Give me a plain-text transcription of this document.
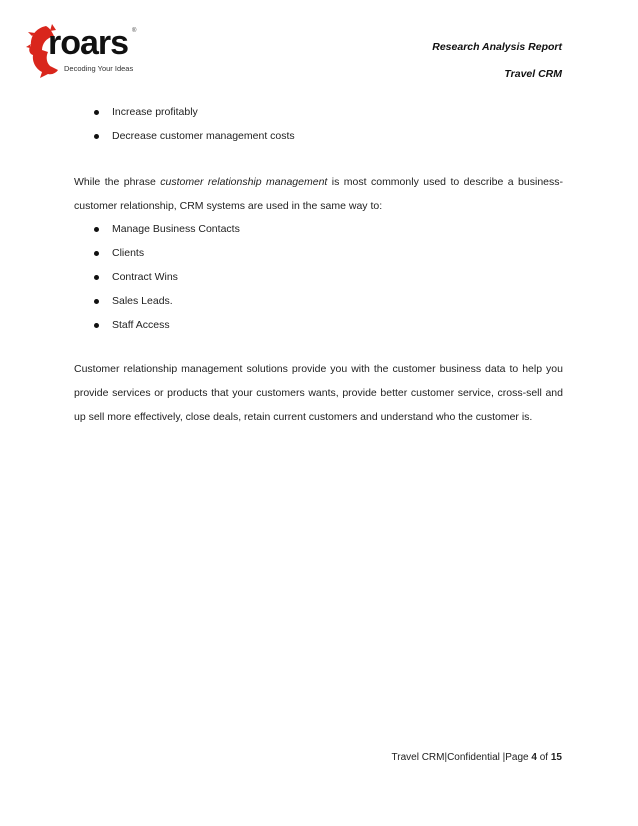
roars ®
Decoding Your Ideas
Research Analysis Report
Travel CRM
Increase profitably
Decrease customer management costs

While the phrase customer relationship management is most commonly used to describe a business-customer relationship, CRM systems are used in the same way to:

Manage Business Contacts
Clients
Contract Wins
Sales Leads.
Staff Access

Customer relationship management solutions provide you with the customer business data to help you provide services or products that your customers wants, provide better customer service, cross-sell and up sell more effectively, close deals, retain current customers and understand who the customer is.

Travel CRM|Confidential |Page 4 of 15
